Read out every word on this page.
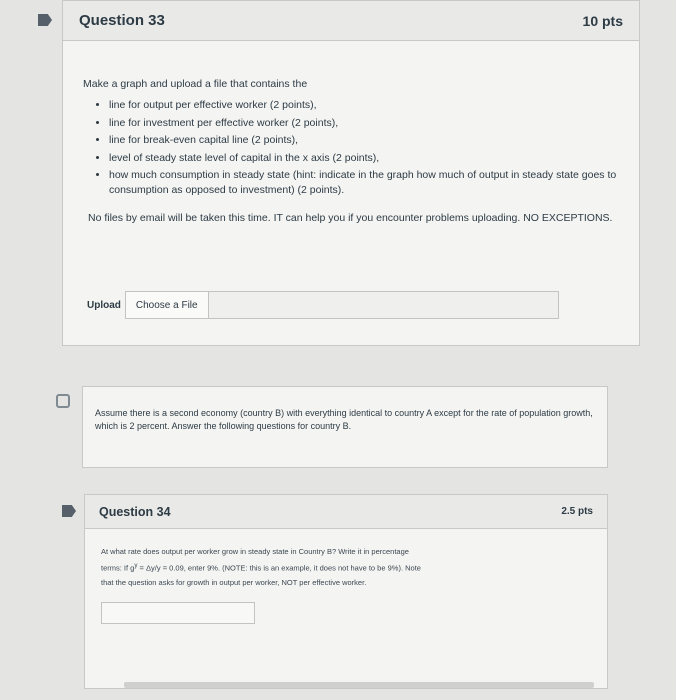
Question 33	10 pts
Make a graph and upload a file that contains the
• line for output per effective worker (2 points),
• line for investment per effective worker (2 points),
• line for break-even capital line (2 points),
• level of steady state level of capital in the x axis (2 points),
• how much consumption in steady state (hint: indicate in the graph how much of output in steady state goes to consumption as opposed to investment) (2 points).
No files by email will be taken this time. IT can help you if you encounter problems uploading. NO EXCEPTIONS.
Upload	Choose a File
Assume there is a second economy (country B) with everything identical to country A except for the rate of population growth, which is 2 percent. Answer the following questions for country B.
Question 34	2.5 pts
At what rate does output per worker grow in steady state in Country B? Write it in percentage
terms: If $g^y = \Delta y/y = 0.09$, enter 9%. (NOTE: this is an example, it does not have to be 9%). Note
that the question asks for growth in output per worker, NOT per effective worker.
